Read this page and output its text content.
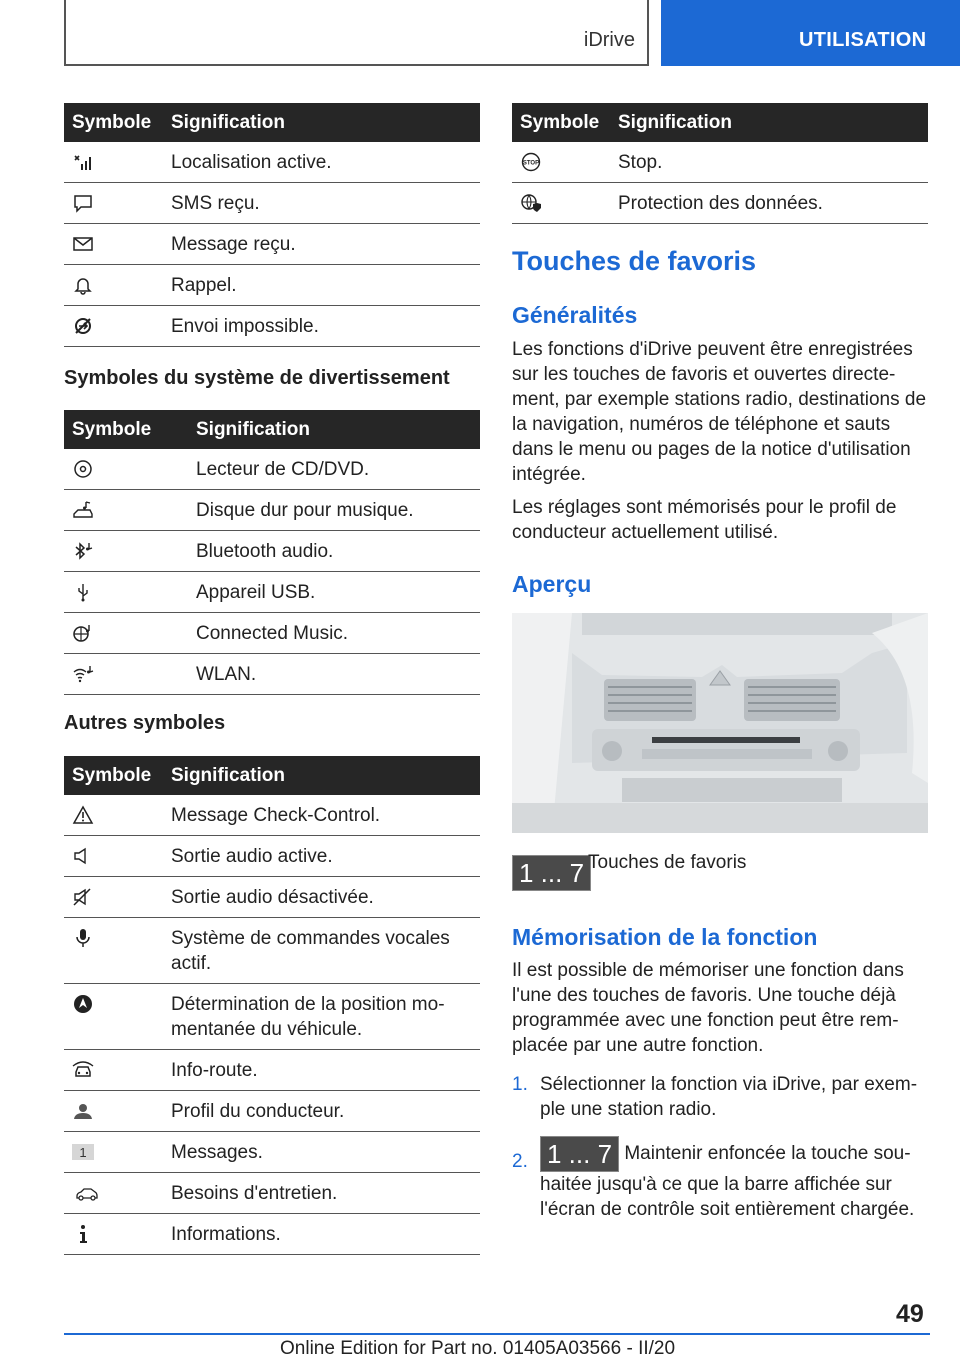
iDrive	UTILISATION
Symbole	Signification

	Localisation active.

	SMS reçu.

	Message reçu.

	Rappel.

	Envoi impossible.
Symboles du système de divertissement
Symbole	Signification

	Lecteur de CD/DVD.

	Disque dur pour musique.

	Bluetooth audio.

	Appareil USB.

	Connected Music.

	WLAN.
Autres symboles
Symbole	Signification

	Message Check-Control.

	Sortie audio active.

	Sortie audio désactivée.

	Système de commandes vocales actif.

	Détermination de la position momentanée du véhicule.

	Info-route.

	Profil du conducteur.

1	Messages.

	Besoins d'entretien.

	Informations.
Symbole	Signification

STOP	Stop.

	Protection des données.
Touches de favoris
Généralités
Les fonctions d'iDrive peuvent être enregistrées sur les touches de favoris et ouvertes directement, par exemple stations radio, destinations de la navigation, numéros de téléphone et sauts dans le menu ou pages de la notice d'utilisation intégrée.
Les réglages sont mémorisés pour le profil de conducteur actuellement utilisé.
Aperçu
1 ... 7 Touches de favoris
Mémorisation de la fonction
Il est possible de mémoriser une fonction dans l'une des touches de favoris. Une touche déjà programmée avec une fonction peut être remplacée par une autre fonction.
1. Sélectionner la fonction via iDrive, par exemple une station radio.
2. 1 ... 7 Maintenir enfoncée la touche souhaitée jusqu'à ce que la barre affichée sur l'écran de contrôle soit entièrement chargée.
49
Online Edition for Part no. 01405A03566 - II/20
